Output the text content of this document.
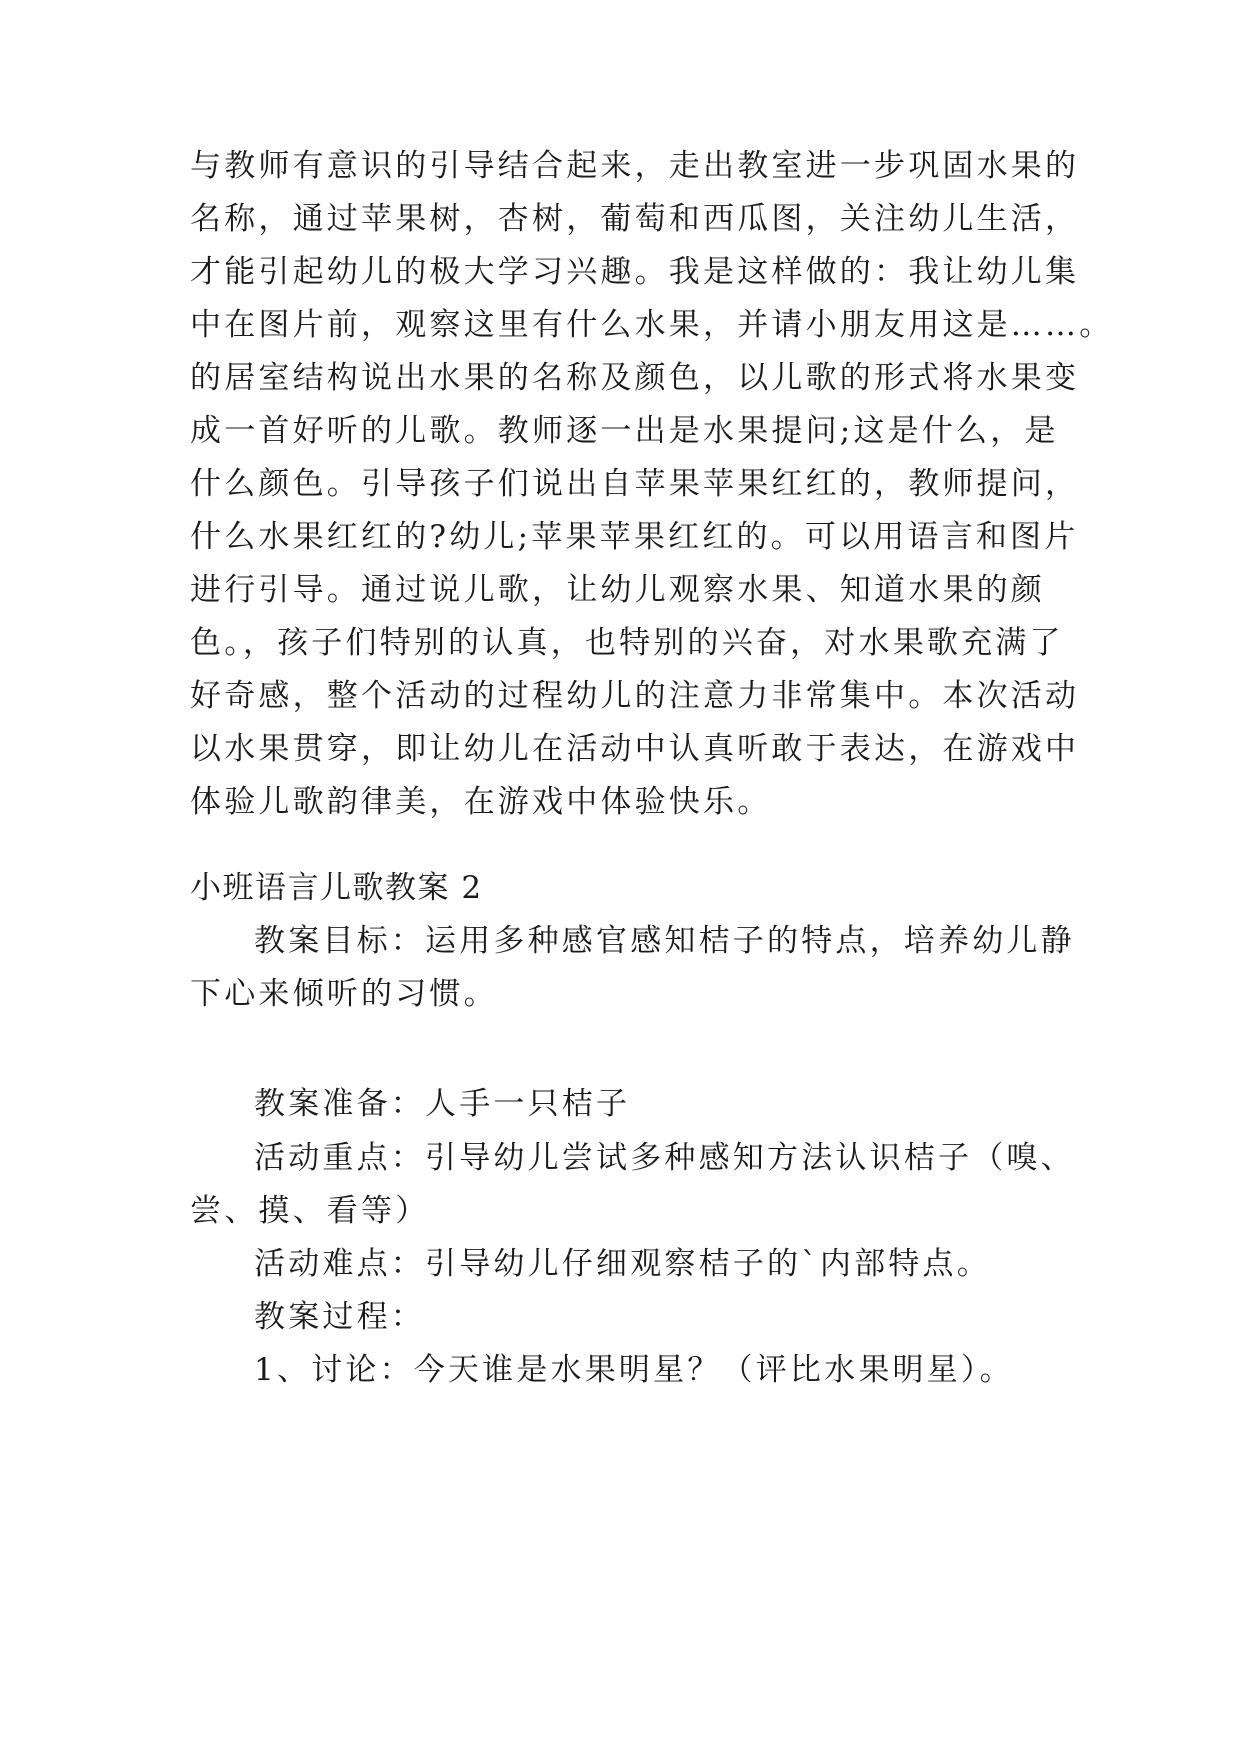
与教师有意识的引导结合起来，走出教室进一步巩固水果的
名称，通过苹果树，杏树，葡萄和西瓜图，关注幼儿生活，
才能引起幼儿的极大学习兴趣。我是这样做的：我让幼儿集
中在图片前，观察这里有什么水果，并请小朋友用这是……。
的居室结构说出水果的名称及颜色，以儿歌的形式将水果变
成一首好听的儿歌。教师逐一出是水果提问;这是什么，是
什么颜色。引导孩子们说出自苹果苹果红红的，教师提问，
什么水果红红的?幼儿;苹果苹果红红的。可以用语言和图片
进行引导。通过说儿歌，让幼儿观察水果、知道水果的颜
色。，孩子们特别的认真，也特别的兴奋，对水果歌充满了
好奇感，整个活动的过程幼儿的注意力非常集中。本次活动
以水果贯穿，即让幼儿在活动中认真听敢于表达，在游戏中
体验儿歌韵律美，在游戏中体验快乐。
小班语言儿歌教案 2
教案目标：运用多种感官感知桔子的特点，培养幼儿静
下心来倾听的习惯。
教案准备：人手一只桔子
活动重点：引导幼儿尝试多种感知方法认识桔子（嗅、
尝、摸、看等）
活动难点：引导幼儿仔细观察桔子的`内部特点。
教案过程：
1、讨论：今天谁是水果明星？（评比水果明星）。
